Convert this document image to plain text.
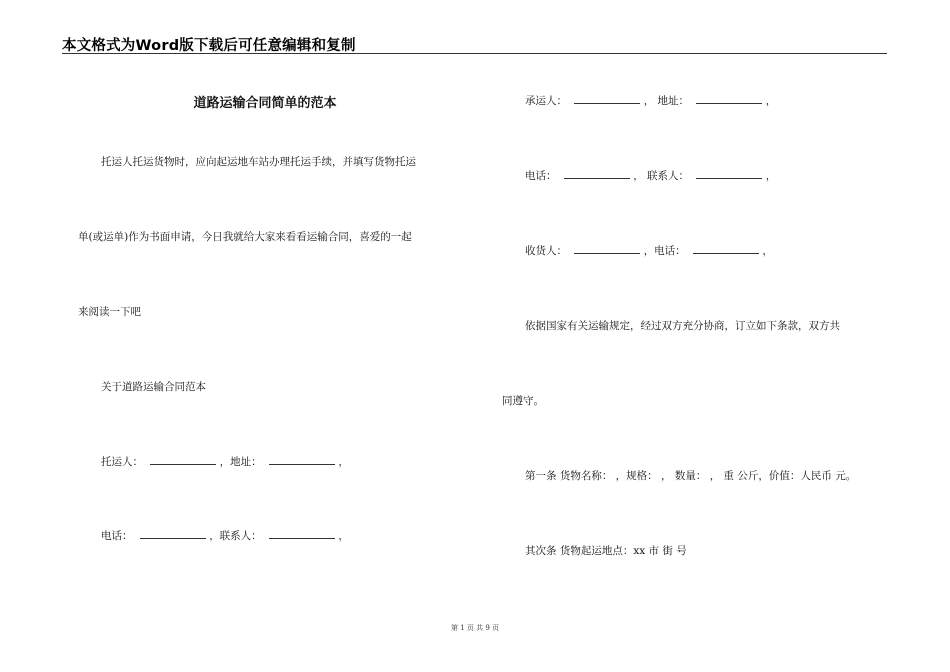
本文格式为Word版下载后可任意编辑和复制
道路运输合同简单的范本
托运人托运货物时，应向起运地车站办理托运手续，并填写货物托运
单(或运单)作为书面申请，今日我就给大家来看看运输合同，喜爱的一起
来阅读一下吧
关于道路运输合同范本
托运人：	，地址：	，
电话：	，联系人：	，
承运人：	， 地址：	，
电话：	， 联系人：	，
收货人：	，电话：	，
依据国家有关运输规定，经过双方充分协商，订立如下条款，双方共
同遵守。
第一条 货物名称： ，规格： ， 数量： ， 重 公斤，价值：人民币 元。
其次条 货物起运地点：xx 市 街 号
第 1 页 共 9 页
